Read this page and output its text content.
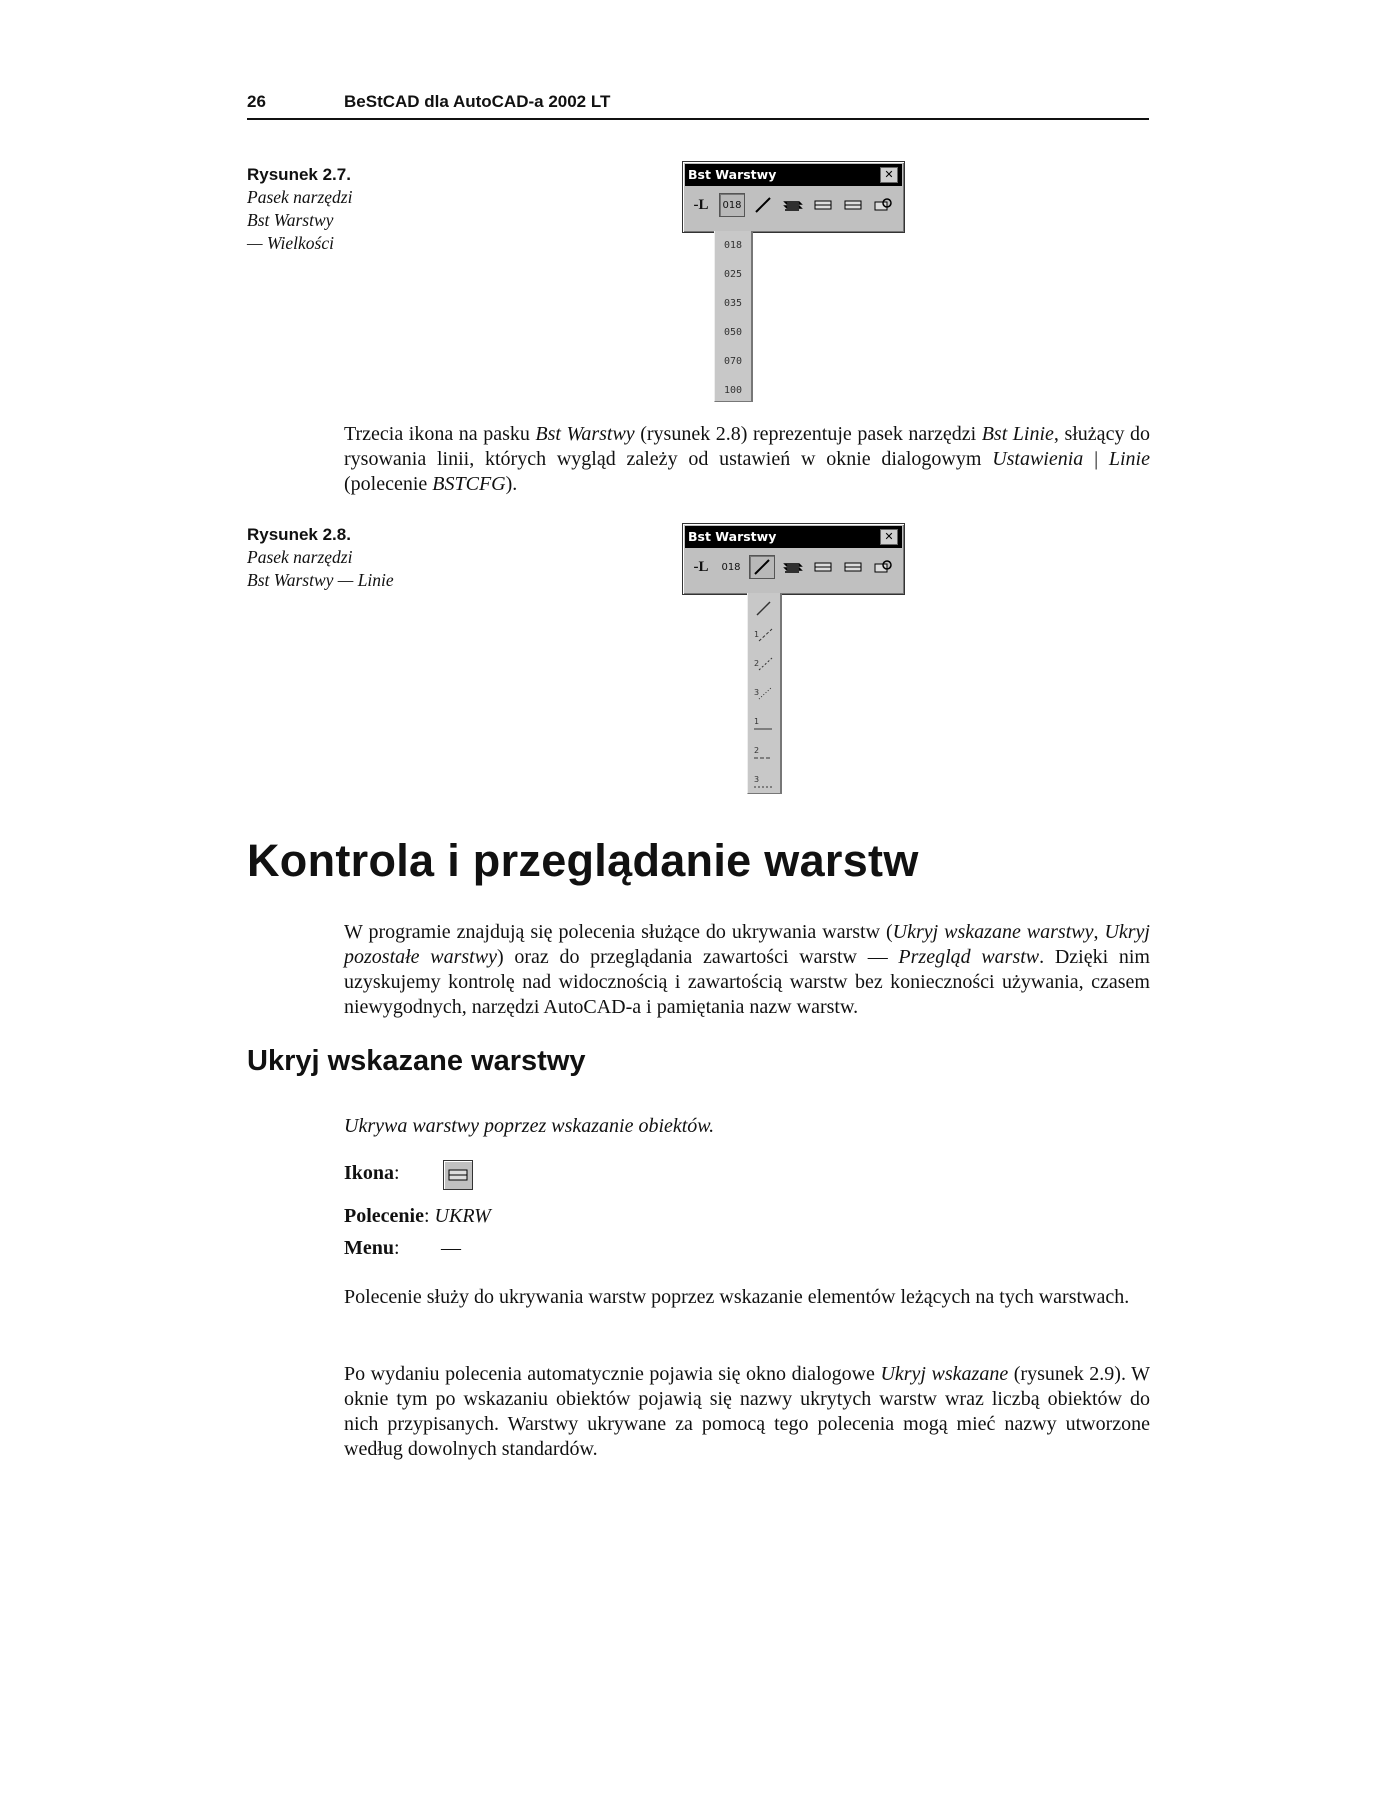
26	BeStCAD dla AutoCAD-a 2002 LT
Rysunek 2.7.
Pasek narzędzi
Bst Warstwy
— Wielkości
Bst Warstwy	✕
-L	018
018
025
035
050
070
100
Trzecia ikona na pasku Bst Warstwy (rysunek 2.8) reprezentuje pasek narzędzi Bst Linie, służący do rysowania linii, których wygląd zależy od ustawień w oknie dialogowym Ustawienia | Linie (polecenie BSTCFG).
Rysunek 2.8.
Pasek narzędzi
Bst Warstwy — Linie
Bst Warstwy	✕
-L	018
1
2
3
1
2
3
Kontrola i przeglądanie warstw
W programie znajdują się polecenia służące do ukrywania warstw (Ukryj wskazane warstwy, Ukryj pozostałe warstwy) oraz do przeglądania zawartości warstw — Przegląd warstw. Dzięki nim uzyskujemy kontrolę nad widocznością i zawartością warstw bez konieczności używania, czasem niewygodnych, narzędzi AutoCAD-a i pamiętania nazw warstw.
Ukryj wskazane warstwy
Ukrywa warstwy poprzez wskazanie obiektów.
Ikona:
Polecenie: UKRW
Menu: —
Polecenie służy do ukrywania warstw poprzez wskazanie elementów leżących na tych warstwach.
Po wydaniu polecenia automatycznie pojawia się okno dialogowe Ukryj wskazane (rysunek 2.9). W oknie tym po wskazaniu obiektów pojawią się nazwy ukrytych warstw wraz liczbą obiektów do nich przypisanych. Warstwy ukrywane za pomocą tego polecenia mogą mieć nazwy utworzone według dowolnych standardów.
